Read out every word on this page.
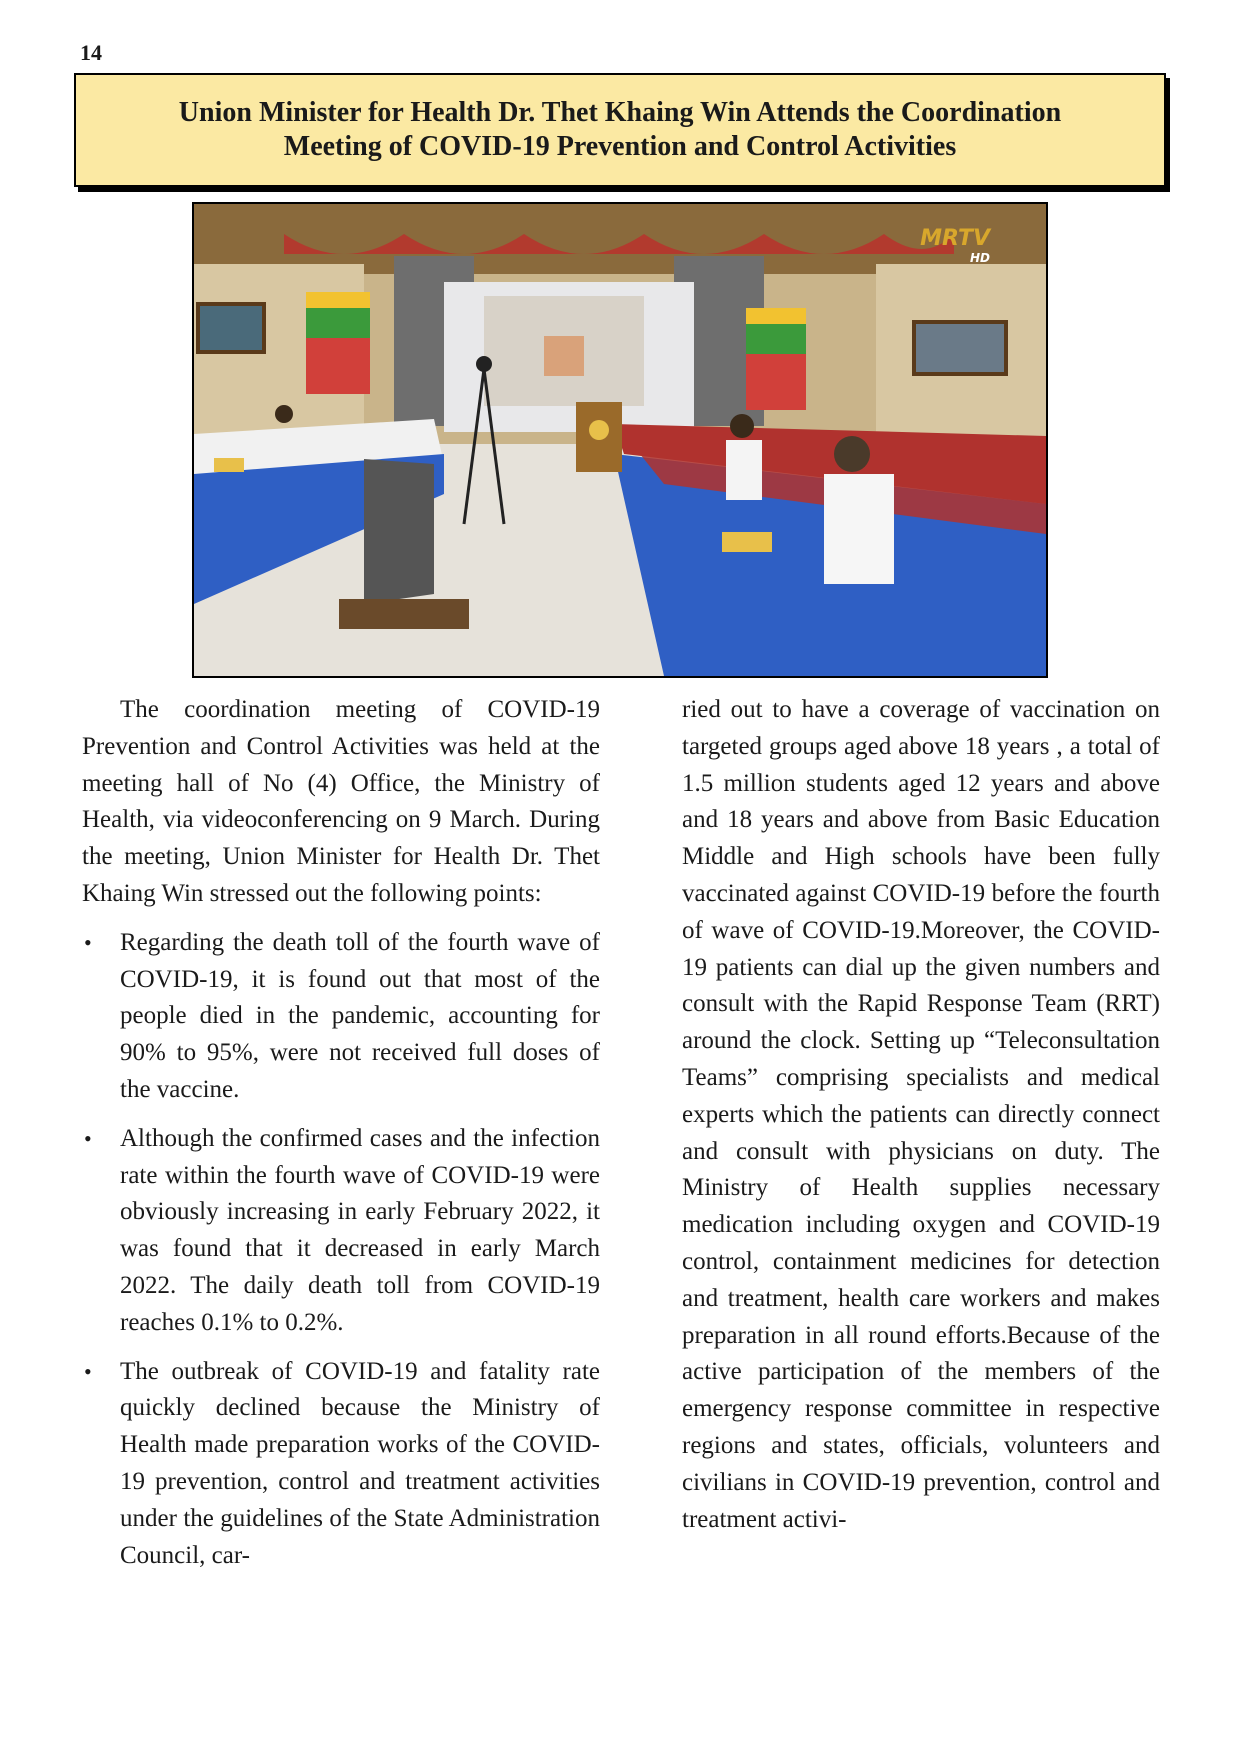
14
Union Minister for Health Dr. Thet Khaing Win Attends the Coordination
Meeting of COVID-19 Prevention and Control Activities
MRTV
HD

The coordination meeting of COVID-19 Prevention and Control Activities was held at the meeting hall of No (4) Office, the Ministry of Health, via videoconferencing on 9 March. During the meeting, Union Minister for Health Dr. Thet Khaing Win stressed out the following points:

• Regarding the death toll of the fourth wave of COVID-19, it is found out that most of the people died in the pandemic, accounting for 90% to 95%, were not received full doses of the vaccine.
• Although the confirmed cases and the infection rate within the fourth wave of COVID-19 were obviously increasing in early February 2022, it was found that it decreased in early March 2022. The daily death toll from COVID-19 reaches 0.1% to 0.2%.
• The outbreak of COVID-19 and fatality rate quickly declined because the Ministry of Health made preparation works of the COVID-19 prevention, control and treatment activities under the guidelines of the State Administration Council, car-

ried out to have a coverage of vaccination on targeted groups aged above 18 years , a total of 1.5 million students aged 12 years and above and 18 years and above from Basic Education Middle and High schools have been fully vaccinated against COVID-19 before the fourth of wave of COVID-19.Moreover, the COVID-19 patients can dial up the given numbers and consult with the Rapid Response Team (RRT) around the clock. Setting up “Teleconsultation Teams” comprising specialists and medical experts which the patients can directly connect and consult with physicians on duty. The Ministry of Health supplies necessary medication including oxygen and COVID-19 control, containment medicines for detection and treatment, health care workers and makes preparation in all round efforts.Because of the active participation of the members of the emergency response committee in respective regions and states, officials, volunteers and civilians in COVID-19 prevention, control and treatment activi-
